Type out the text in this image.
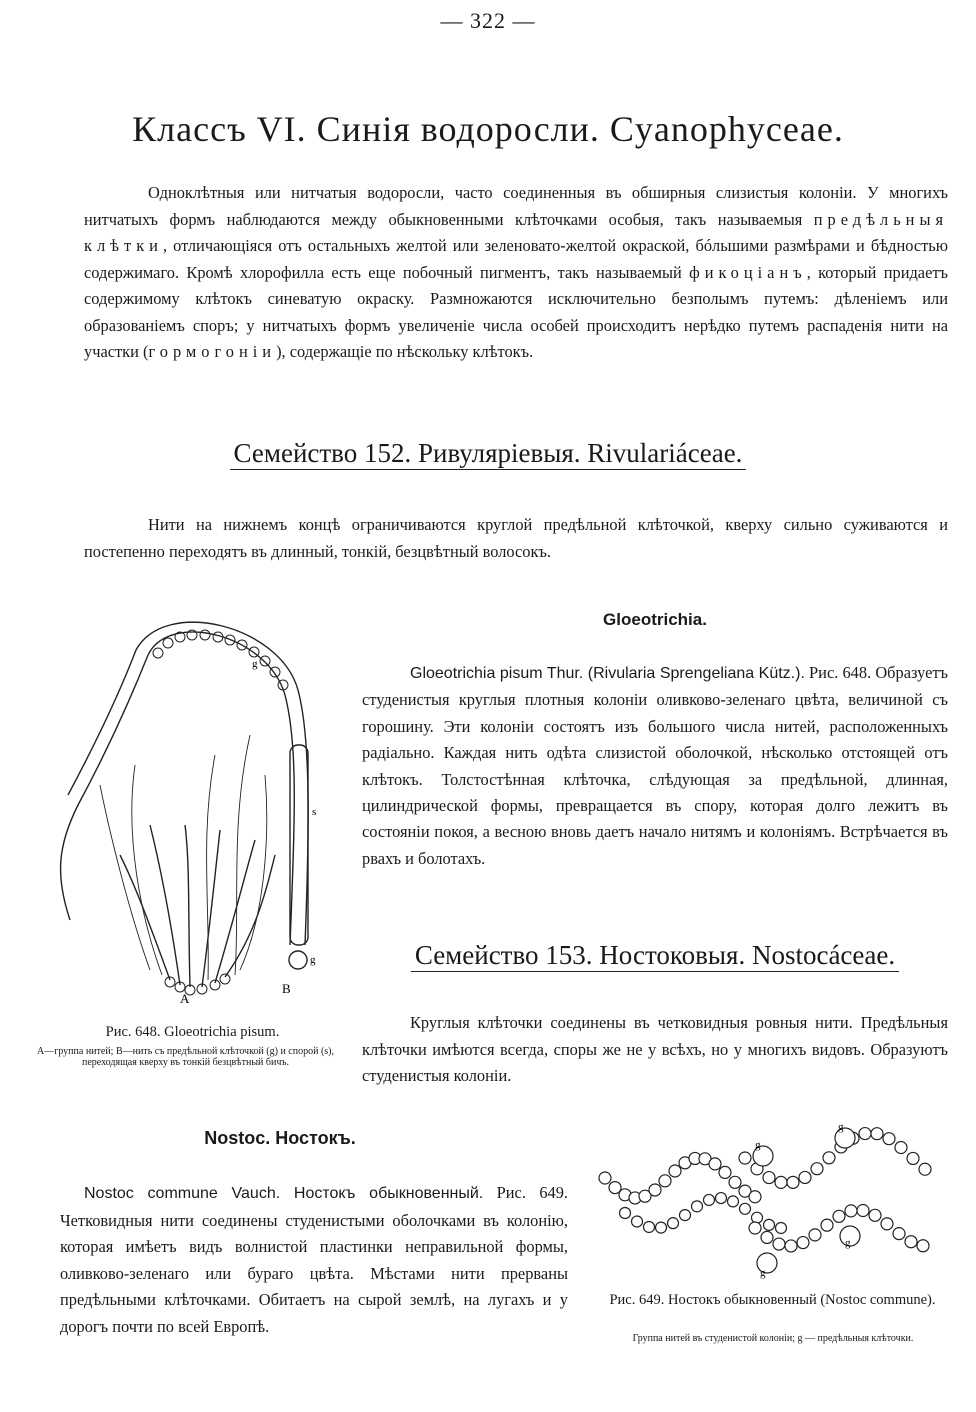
— 322 —
Классъ VI. Синія водоросли. Cyanophyceae.

Одноклѣтныя или нитчатыя водоросли, часто соединенныя въ обширныя слизистыя колоніи. У многихъ нитчатыхъ формъ наблюдаются между обыкновенными клѣточками особыя, такъ называемыя предѣльныя клѣтки, отличающіяся отъ остальныхъ желтой или зеленовато-желтой окраской, бóльшими размѣрами и бѣдностью содержимаго. Кромѣ хлорофилла есть еще побочный пигментъ, такъ называемый фикоціанъ, который придаетъ содержимому клѣтокъ синеватую окраску. Размножаются исключительно безполымъ путемъ: дѣленіемъ или образованіемъ споръ; у нитчатыхъ формъ увеличеніе числа особей происходитъ нерѣдко путемъ распаденія нити на участки (гормогоніи), содержащіе по нѣскольку клѣтокъ.

Семейство 152. Ривуляріевыя. Rivulariáceae.

Нити на нижнемъ концѣ ограничиваются круглой предѣльной клѣточкой, кверху сильно суживаются и постепенно переходятъ въ длинный, тонкій, безцвѣтный волосокъ.

A
B
g
g
s
Рис. 648. Gloeotrichia pisum.
A—группа нитей; B—нить съ предѣльной клѣточкой (g) и спорой (s), переходящая кверху въ тонкій безцвѣтный бичъ.
Gloeotrichia.

Gloeotrichia pisum Thur. (Rivularia Sprengeliana Kütz.). Рис. 648. Образуетъ студенистыя круглыя плотныя колоніи оливково-зеленаго цвѣта, величиной съ горошину. Эти колоніи состоятъ изъ большого числа нитей, расположенныхъ радіально. Каждая нить одѣта слизистой оболочкой, нѣсколько отстоящей отъ клѣтокъ. Толстостѣнная клѣточка, слѣдующая за предѣльной, длинная, цилиндрической формы, превращается въ спору, которая долго лежитъ въ состояніи покоя, а весною вновь даетъ начало нитямъ и колоніямъ. Встрѣчается въ рвахъ и болотахъ.

Семейство 153. Ностоковыя. Nostocáceae.

Круглыя клѣточки соединены въ четковидныя ровныя нити. Предѣльныя клѣточки имѣются всегда, споры же не у всѣхъ, но у многихъ видовъ. Образуютъ студенистыя колоніи.

Nostoc. Ностокъ.

Nostoc commune Vauch. Ностокъ обыкновенный. Рис. 649. Четковидныя нити соединены студенистыми оболочками въ колонію, которая имѣетъ видъ волнистой пластинки неправильной формы, оливково-зеленаго или бураго цвѣта. Мѣстами нити прерваны предѣльными клѣточками. Обитаетъ на сырой землѣ, на лугахъ и у дорогъ почти по всей Европѣ.

g
g
g
g
Рис. 649. Ностокъ обыкновенный (Nostoc commune).
Группа нитей въ студенистой колоніи; g — предѣльныя клѣточки.
